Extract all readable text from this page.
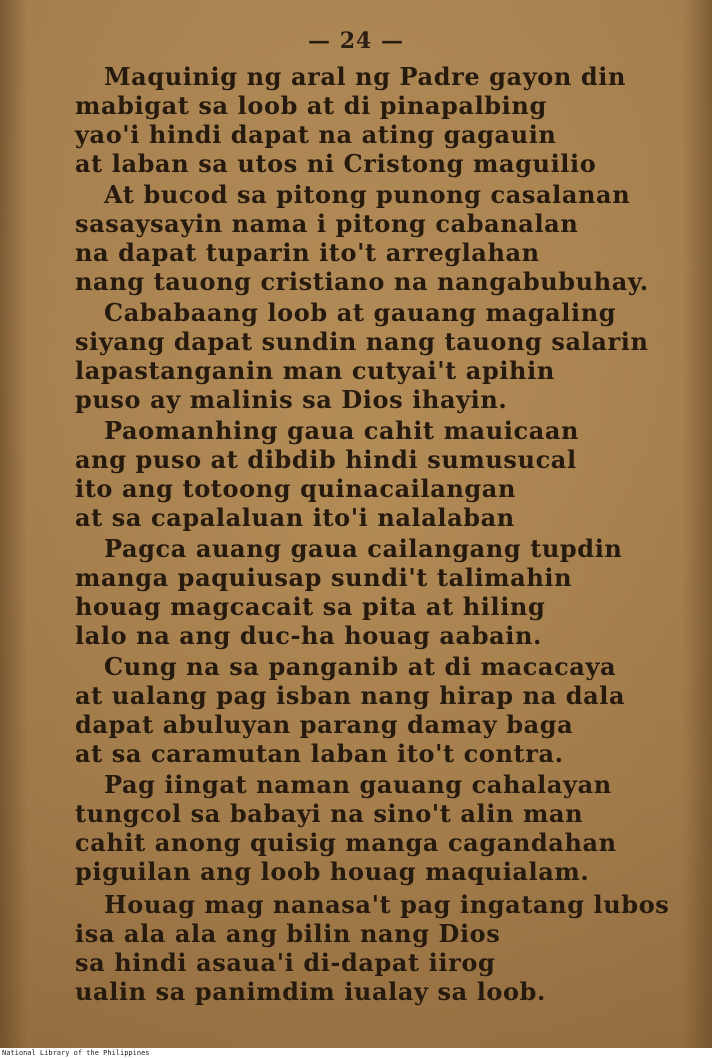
— 24 —
Maquinig ng aral ng Padre gayon din
mabigat sa loob at di pinapalbing
yao'i hindi dapat na ating gagauin
at laban sa utos ni Cristong maguilio
At bucod sa pitong punong casalanan
sasaysayin nama i pitong cabanalan
na dapat tuparin ito't arreglahan
nang tauong cristiano na nangabubuhay.
Cababaang loob at gauang magaling
siyang dapat sundin nang tauong salarin
lapastanganin man cutyai't apihin
puso ay malinis sa Dios ihayin.
Paomanhing gaua cahit mauicaan
ang puso at dibdib hindi sumusucal
ito ang totoong quinacailangan
at sa capalaluan ito'i nalalaban
Pagca auang gaua cailangang tupdin
manga paquiusap sundi't talimahin
houag magcacait sa pita at hiling
lalo na ang duc-ha houag aabain.
Cung na sa panganib at di macacaya
at ualang pag isban nang hirap na dala
dapat abuluyan parang damay baga
at sa caramutan laban ito't contra.
Pag iingat naman gauang cahalayan
tungcol sa babayi na sino't alin man
cahit anong quisig manga cagandahan
piguilan ang loob houag maquialam.
Houag mag nanasa't pag ingatang lubos
isa ala ala ang bilin nang Dios
sa hindi asaua'i di-dapat iirog
ualin sa panimdim iualay sa loob.
National Library of the Philippines
